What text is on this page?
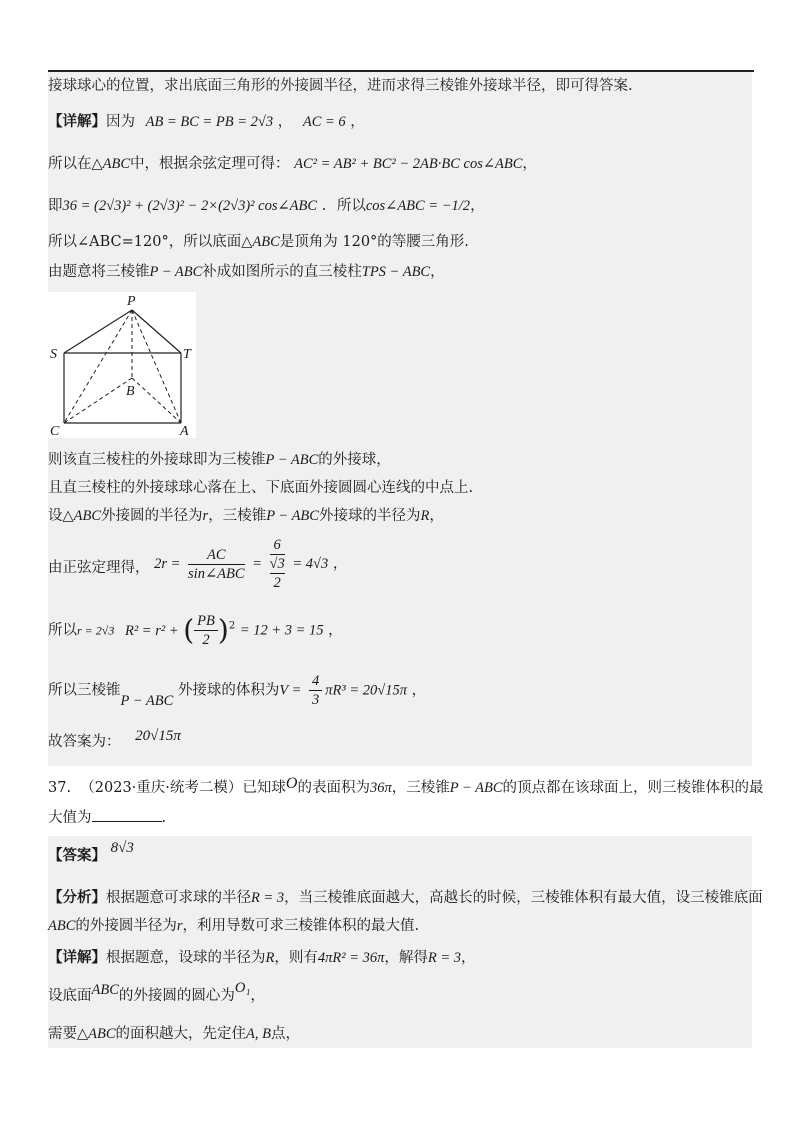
接球球心的位置，求出底面三角形的外接圆半径，进而求得三棱锥外接球半径，即可得答案.
【详解】因为 AB = BC = PB = 2√3 ， AC = 6 ，
所以在△ABC中，根据余弦定理可得： AC² = AB² + BC² − 2AB·BC cos∠ABC，
即36 = (2√3)² + (2√3)² − 2×(2√3)² cos∠ABC . 所以cos∠ABC = −1/2，
所以∠ABC=120°，所以底面△ABC是顶角为 120°的等腰三角形.
由题意将三棱锥P − ABC补成如图所示的直三棱柱TPS − ABC，
P
S	T
B
C	A
则该直三棱柱的外接球即为三棱锥P − ABC的外接球，
且直三棱柱的外接球球心落在上、下底面外接圆圆心连线的中点上.
设△ABC外接圆的半径为r，三棱锥P − ABC外接球的半径为R，
由正弦定理得， $2r = \frac{AC}{\text{sin∠ABC}}$ =
6
√3
2
= 4√3 ，
所以r = 2√3 R² = r² + ( $\frac{PB}{2} )^2 = 12 + 3 = 15$ ，
所以三棱锥P − ABC 外接球的体积为$V = \frac{4}{3} \pi R^3 = 20√15\pi$ ，
故答案为： 20√15π
37. （2023·重庆·统考二模）已知球O的表面积为36π，三棱锥P − ABC的顶点都在该球面上，则三棱锥体积的最
大值为	.
【答案】 8√3
【分析】根据题意可求球的半径R = 3，当三棱锥底面越大，高越长的时候，三棱锥体积有最大值，设三棱锥底面
ABC的外接圆半径为r，利用导数可求三棱锥体积的最大值.
【详解】根据题意，设球的半径为R，则有4πR² = 36π，解得R = 3，
设底面ABC的外接圆的圆心为O₁，
需要△ABC的面积越大，先定住A, B点，
